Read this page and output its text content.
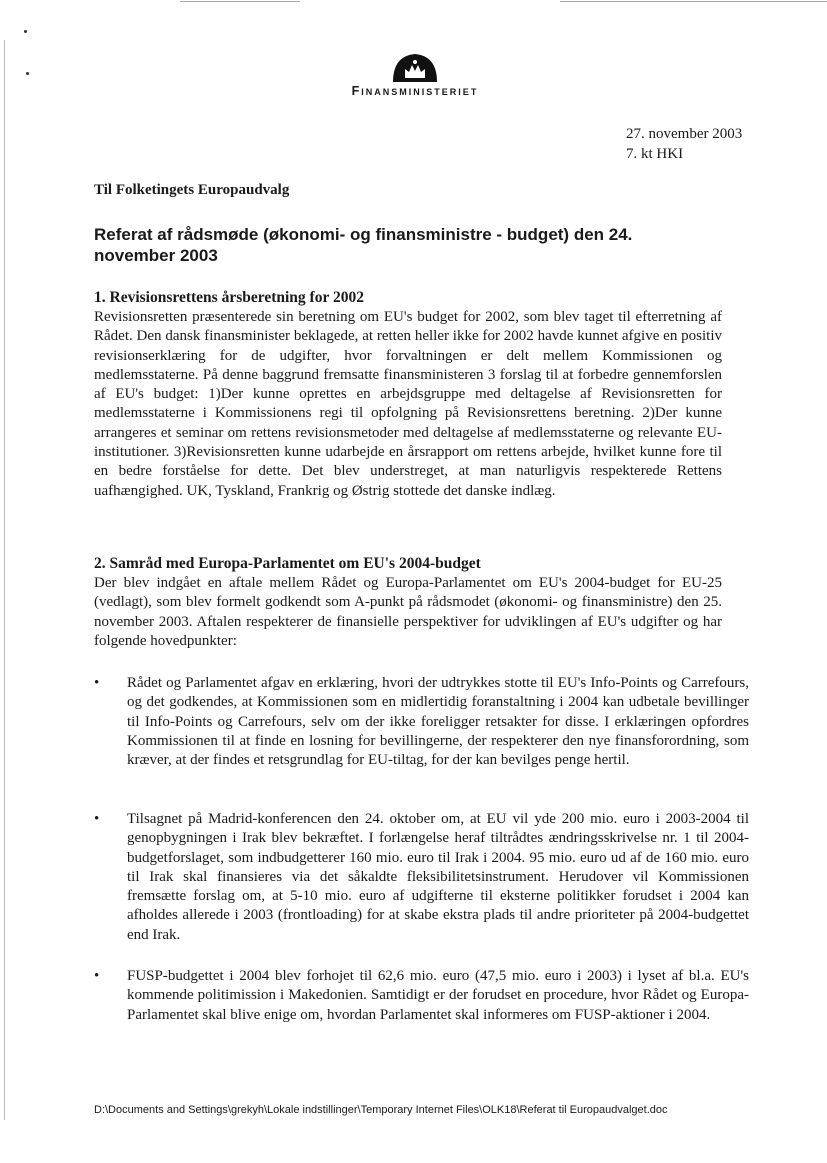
Finansministeriet
27. november 2003
7. kt HKI
Til Folketingets Europaudvalg
Referat af rådsmøde (økonomi- og finansministre - budget) den 24. november 2003
1. Revisionsrettens årsberetning for 2002

Revisionsretten præsenterede sin beretning om EU's budget for 2002, som blev taget til efterretning af Rådet. Den dansk finansminister beklagede, at retten heller ikke for 2002 havde kunnet afgive en positiv revisionserklæring for de udgifter, hvor forvaltningen er delt mellem Kommissionen og medlemsstaterne. På denne baggrund fremsatte finansministeren 3 forslag til at forbedre gennemforslen af EU's budget: 1)Der kunne oprettes en arbejdsgruppe med deltagelse af Revisionsretten for medlemsstaterne i Kommissionens regi til opfolgning på Revisionsrettens beretning. 2)Der kunne arrangeres et seminar om rettens revisionsmetoder med deltagelse af medlemsstaterne og relevante EU-institutioner. 3)Revisionsretten kunne udarbejde en årsrapport om rettens arbejde, hvilket kunne fore til en bedre forståelse for dette. Det blev understreget, at man naturligvis respekterede Rettens uafhængighed. UK, Tyskland, Frankrig og Østrig stottede det danske indlæg.

2. Samråd med Europa-Parlamentet om EU's 2004-budget

Der blev indgået en aftale mellem Rådet og Europa-Parlamentet om EU's 2004-budget for EU-25 (vedlagt), som blev formelt godkendt som A-punkt på rådsmodet (økonomi- og finansministre) den 25. november 2003. Aftalen respekterer de finansielle perspektiver for udviklingen af EU's udgifter og har folgende hovedpunkter:

• Rådet og Parlamentet afgav en erklæring, hvori der udtrykkes stotte til EU's Info-Points og Carrefours, og det godkendes, at Kommissionen som en midlertidig foranstaltning i 2004 kan udbetale bevillinger til Info-Points og Carrefours, selv om der ikke foreligger retsakter for disse. I erklæringen opfordres Kommissionen til at finde en losning for bevillingerne, der respekterer den nye finansforordning, som kræver, at der findes et retsgrundlag for EU-tiltag, for der kan bevilges penge hertil.

• Tilsagnet på Madrid-konferencen den 24. oktober om, at EU vil yde 200 mio. euro i 2003-2004 til genopbygningen i Irak blev bekræftet. I forlængelse heraf tiltrådtes ændringsskrivelse nr. 1 til 2004-budgetforslaget, som indbudgetterer 160 mio. euro til Irak i 2004. 95 mio. euro ud af de 160 mio. euro til Irak skal finansieres via det såkaldte fleksibilitetsinstrument. Herudover vil Kommissionen fremsætte forslag om, at 5-10 mio. euro af udgifterne til eksterne politikker forudset i 2004 kan afholdes allerede i 2003 (frontloading) for at skabe ekstra plads til andre prioriteter på 2004-budgettet end Irak.

• FUSP-budgettet i 2004 blev forhojet til 62,6 mio. euro (47,5 mio. euro i 2003) i lyset af bl.a. EU's kommende politimission i Makedonien. Samtidigt er der forudset en procedure, hvor Rådet og Europa-Parlamentet skal blive enige om, hvordan Parlamentet skal informeres om FUSP-aktioner i 2004.

D:\Documents and Settings\grekyh\Lokale indstillinger\Temporary Internet Files\OLK18\Referat til Europaudvalget.doc
